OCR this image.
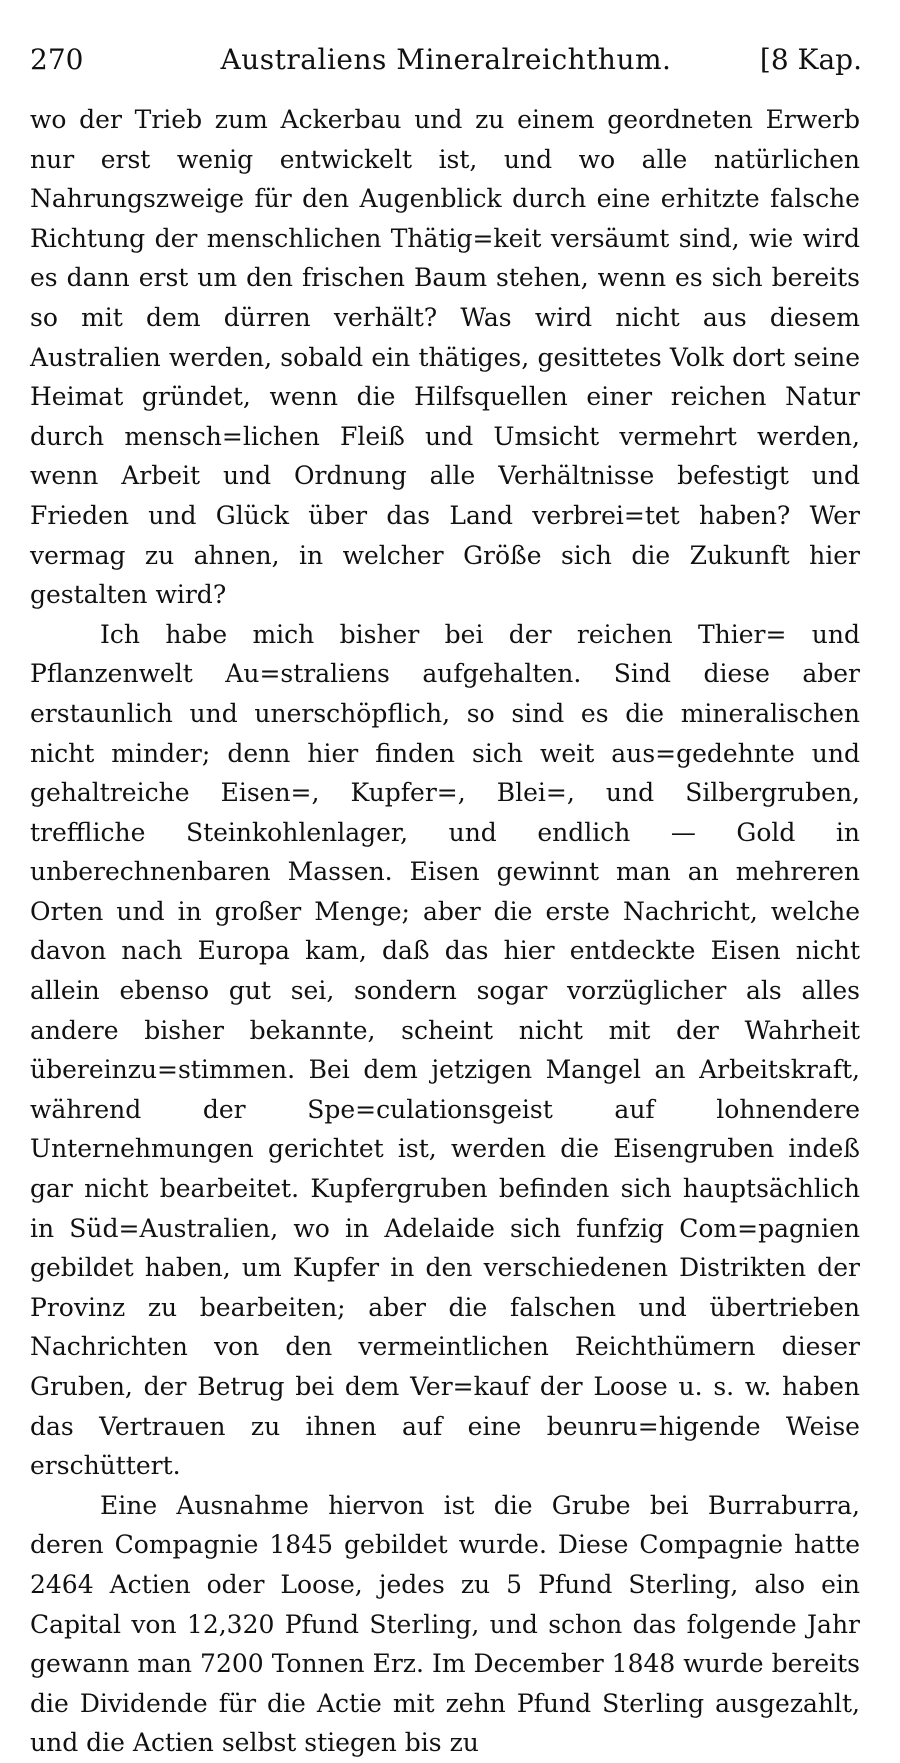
270	Australiens Mineralreichthum.	[8 Kap.

wo der Trieb zum Ackerbau und zu einem geordneten Erwerb nur erst wenig entwickelt ist, und wo alle natürlichen Nahrungszweige für den Augenblick durch eine erhitzte falsche Richtung der menschlichen Thätig=keit versäumt sind, wie wird es dann erst um den frischen Baum stehen, wenn es sich bereits so mit dem dürren verhält? Was wird nicht aus diesem Australien werden, sobald ein thätiges, gesittetes Volk dort seine Heimat gründet, wenn die Hilfsquellen einer reichen Natur durch mensch=lichen Fleiß und Umsicht vermehrt werden, wenn Arbeit und Ordnung alle Verhältnisse befestigt und Frieden und Glück über das Land verbrei=tet haben? Wer vermag zu ahnen, in welcher Größe sich die Zukunft hier gestalten wird?

Ich habe mich bisher bei der reichen Thier= und Pflanzenwelt Au=straliens aufgehalten. Sind diese aber erstaunlich und unerschöpflich, so sind es die mineralischen nicht minder; denn hier finden sich weit aus=gedehnte und gehaltreiche Eisen=, Kupfer=, Blei=, und Silbergruben, treffliche Steinkohlenlager, und endlich — Gold in unberechnenbaren Massen. Eisen gewinnt man an mehreren Orten und in großer Menge; aber die erste Nachricht, welche davon nach Europa kam, daß das hier entdeckte Eisen nicht allein ebenso gut sei, sondern sogar vorzüglicher als alles andere bisher bekannte, scheint nicht mit der Wahrheit übereinzu=stimmen. Bei dem jetzigen Mangel an Arbeitskraft, während der Spe=culationsgeist auf lohnendere Unternehmungen gerichtet ist, werden die Eisengruben indeß gar nicht bearbeitet. Kupfergruben befinden sich hauptsächlich in Süd=Australien, wo in Adelaide sich funfzig Com=pagnien gebildet haben, um Kupfer in den verschiedenen Distrikten der Provinz zu bearbeiten; aber die falschen und übertrieben Nachrichten von den vermeintlichen Reichthümern dieser Gruben, der Betrug bei dem Ver=kauf der Loose u. s. w. haben das Vertrauen zu ihnen auf eine beunru=higende Weise erschüttert.

Eine Ausnahme hiervon ist die Grube bei Burraburra, deren Compagnie 1845 gebildet wurde. Diese Compagnie hatte 2464 Actien oder Loose, jedes zu 5 Pfund Sterling, also ein Capital von 12,320 Pfund Sterling, und schon das folgende Jahr gewann man 7200 Tonnen Erz. Im December 1848 wurde bereits die Dividende für die Actie mit zehn Pfund Sterling ausgezahlt, und die Actien selbst stiegen bis zu
